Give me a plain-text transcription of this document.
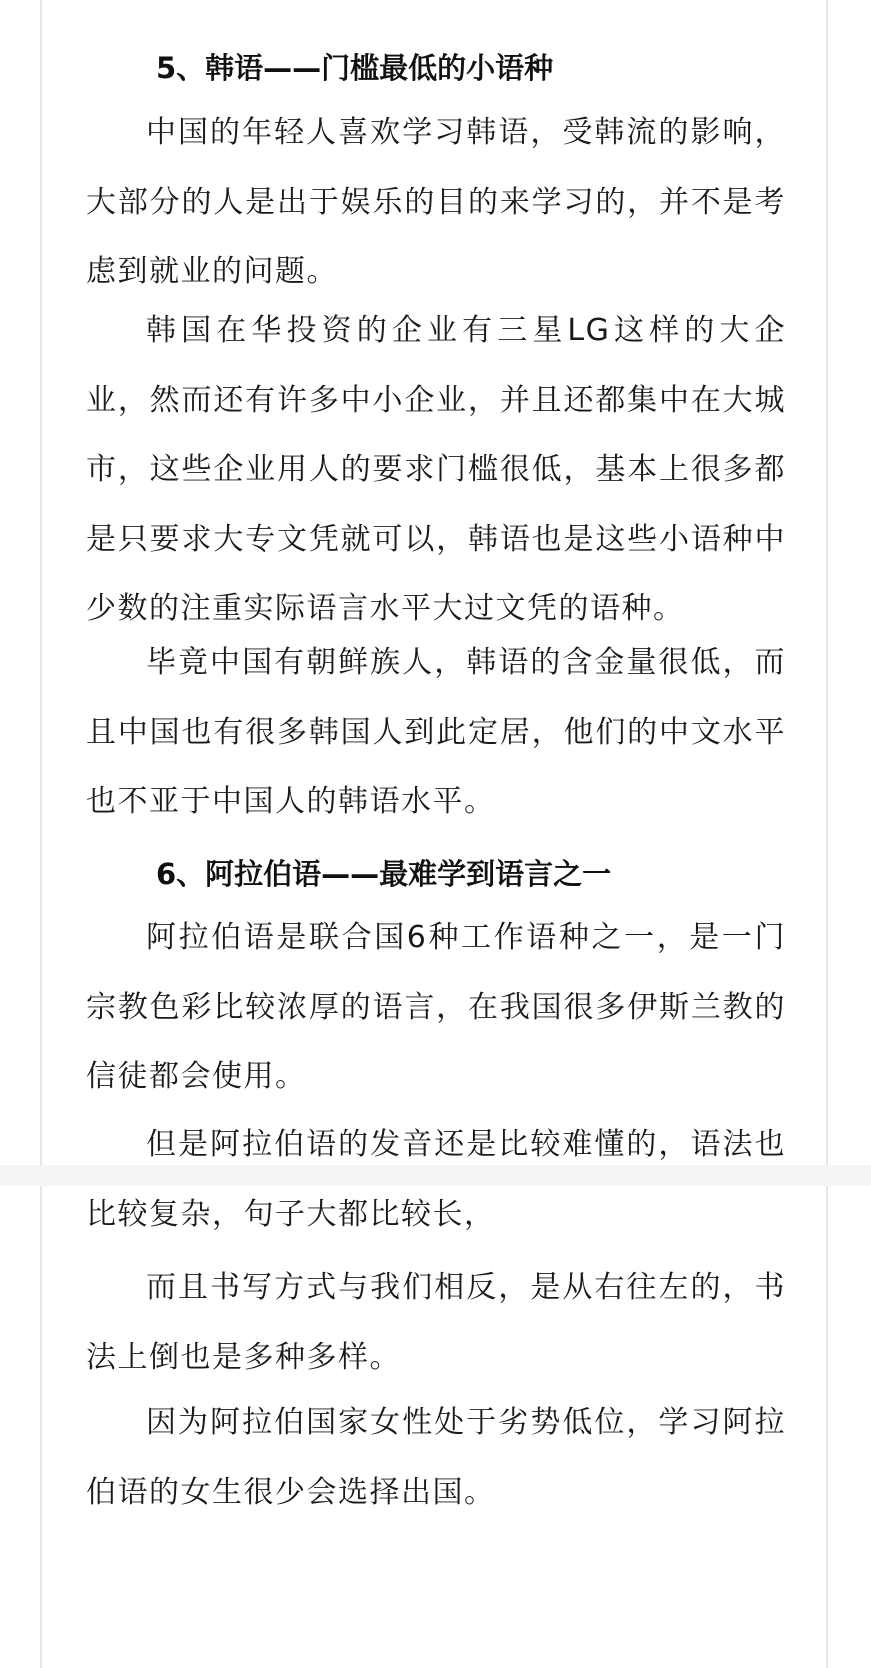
5、韩语——门槛最低的小语种

中国的年轻人喜欢学习韩语，受韩流的影响，大部分的人是出于娱乐的目的来学习的，并不是考虑到就业的问题。

韩国在华投资的企业有三星LG这样的大企业，然而还有许多中小企业，并且还都集中在大城市，这些企业用人的要求门槛很低，基本上很多都是只要求大专文凭就可以，韩语也是这些小语种中少数的注重实际语言水平大过文凭的语种。

毕竟中国有朝鲜族人，韩语的含金量很低，而且中国也有很多韩国人到此定居，他们的中文水平也不亚于中国人的韩语水平。

6、阿拉伯语——最难学到语言之一

阿拉伯语是联合国6种工作语种之一，是一门宗教色彩比较浓厚的语言，在我国很多伊斯兰教的信徒都会使用。

但是阿拉伯语的发音还是比较难懂的，语法也比较复杂，句子大都比较长，

而且书写方式与我们相反，是从右往左的，书法上倒也是多种多样。

因为阿拉伯国家女性处于劣势低位，学习阿拉伯语的女生很少会选择出国。
